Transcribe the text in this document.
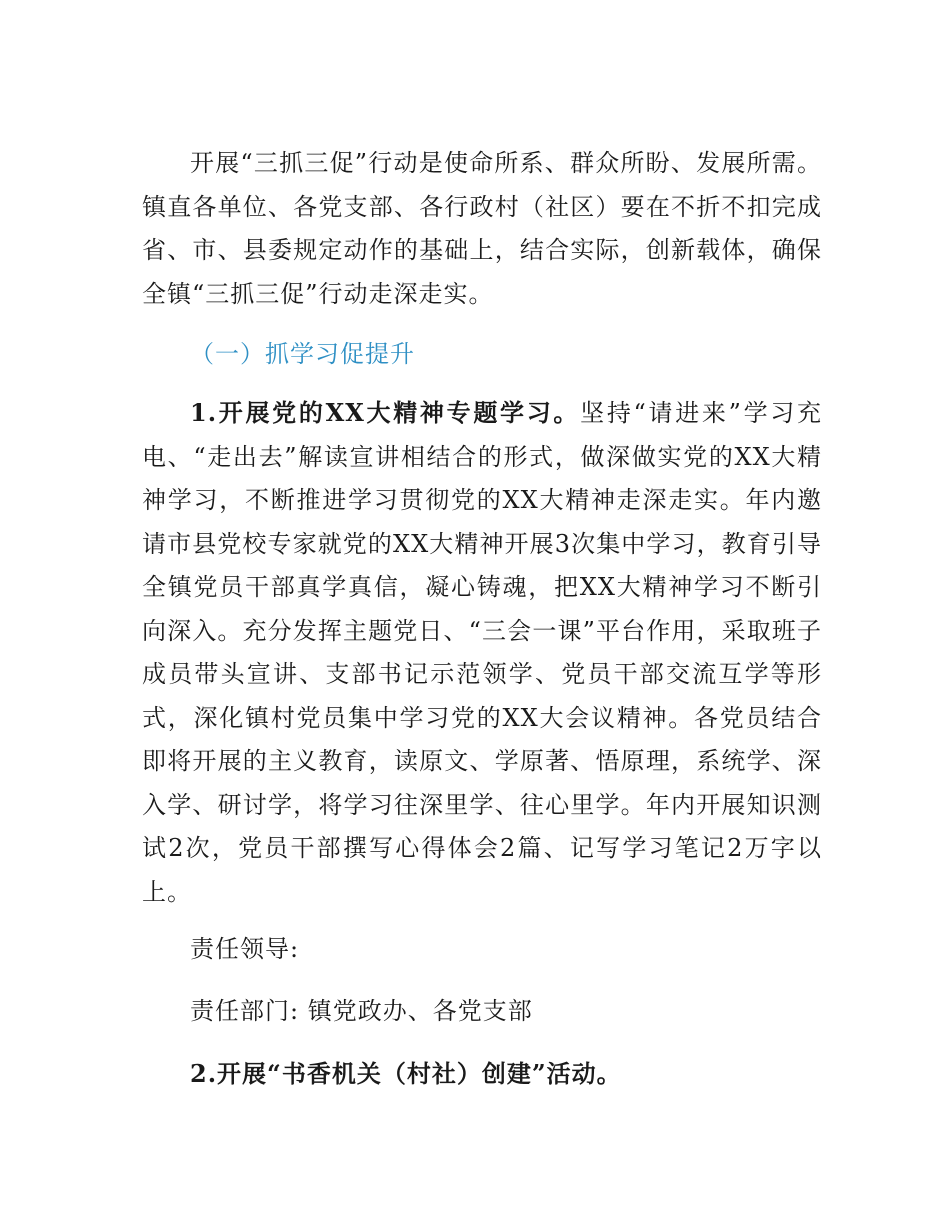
开展“三抓三促”行动是使命所系、群众所盼、发展所需。镇直各单位、各党支部、各行政村（社区）要在不折不扣完成省、市、县委规定动作的基础上，结合实际，创新载体，确保全镇“三抓三促”行动走深走实。

（一）抓学习促提升

1.开展党的XX大精神专题学习。坚持“请进来”学习充电、“走出去”解读宣讲相结合的形式，做深做实党的XX大精神学习，不断推进学习贯彻党的XX大精神走深走实。年内邀请市县党校专家就党的XX大精神开展3次集中学习，教育引导全镇党员干部真学真信，凝心铸魂，把XX大精神学习不断引向深入。充分发挥主题党日、“三会一课”平台作用，采取班子成员带头宣讲、支部书记示范领学、党员干部交流互学等形式，深化镇村党员集中学习党的XX大会议精神。各党员结合即将开展的主义教育，读原文、学原著、悟原理，系统学、深入学、研讨学，将学习往深里学、往心里学。年内开展知识测试2次，党员干部撰写心得体会2篇、记写学习笔记2万字以上。

责任领导:

责任部门: 镇党政办、各党支部

2.开展“书香机关（村社）创建”活动。
